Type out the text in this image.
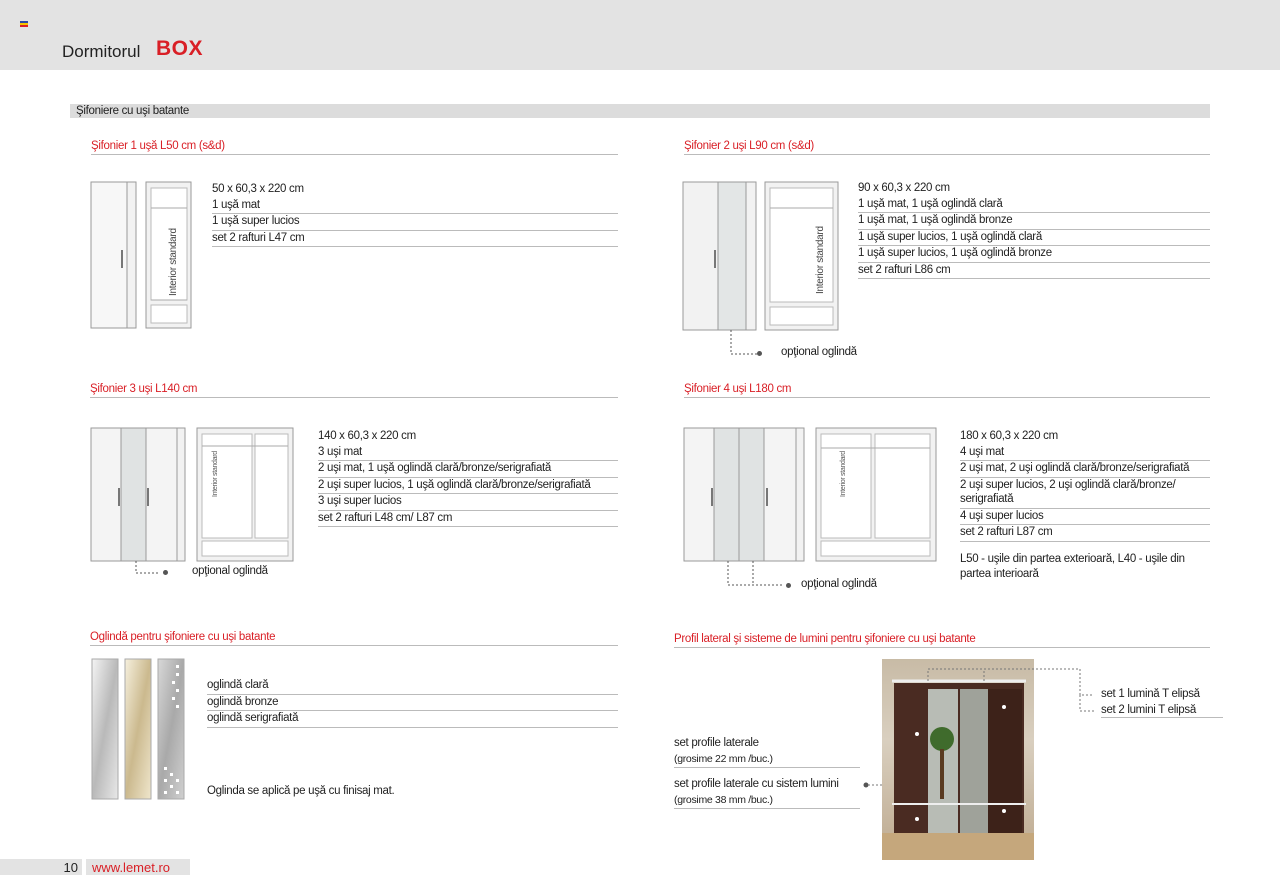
Dormitorul BOX
Şifoniere cu uşi batante
Şifonier 1 uşă L50 cm (s&d)
Interior standard
50 x 60,3 x 220 cm
1 uşă mat
1 uşă super lucios
set 2 rafturi L47 cm
Şifonier 2 uşi L90 cm (s&d)
opţional oglindă
Interior standard
90 x 60,3 x 220 cm
1 uşă mat, 1 uşă oglindă clară
1 uşă mat, 1 uşă oglindă bronze
1 uşă super lucios, 1 uşă oglindă clară
1 uşă super lucios, 1 uşă oglindă bronze
set 2 rafturi L86 cm
Şifonier 3 uşi L140 cm
opţional oglindă
Interior standard
140 x 60,3 x 220 cm
3 uşi mat
2 uşi mat, 1 uşă oglindă clară/bronze/serigrafiată
2 uşi super lucios, 1 uşă oglindă clară/bronze/serigrafiată
3 uşi super lucios
set 2 rafturi L48 cm/ L87 cm
Şifonier 4 uşi L180 cm
opţional oglindă
Interior standard
180 x 60,3 x 220 cm
4 uşi mat
2 uşi mat, 2 uşi oglindă clară/bronze/serigrafiată
2 uşi super lucios, 2 uşi oglindă clară/bronze/ serigrafiată
4 uşi super lucios
set 2 rafturi L87 cm
L50 - uşile din partea exterioară, L40 - uşile din partea interioară
Oglindă pentru şifoniere cu uşi batante
oglindă clară
oglindă bronze
oglindă serigrafiată
Oglinda se aplică pe uşă cu finisaj mat.
Profil lateral şi sisteme de lumini pentru şifoniere cu uşi batante
set 1 lumină T elipsă
set 2 lumini T elipsă
set profile laterale
(grosime 22 mm /buc.)
set profile laterale cu sistem lumini
(grosime 38 mm /buc.)
10	www.lemet.ro
